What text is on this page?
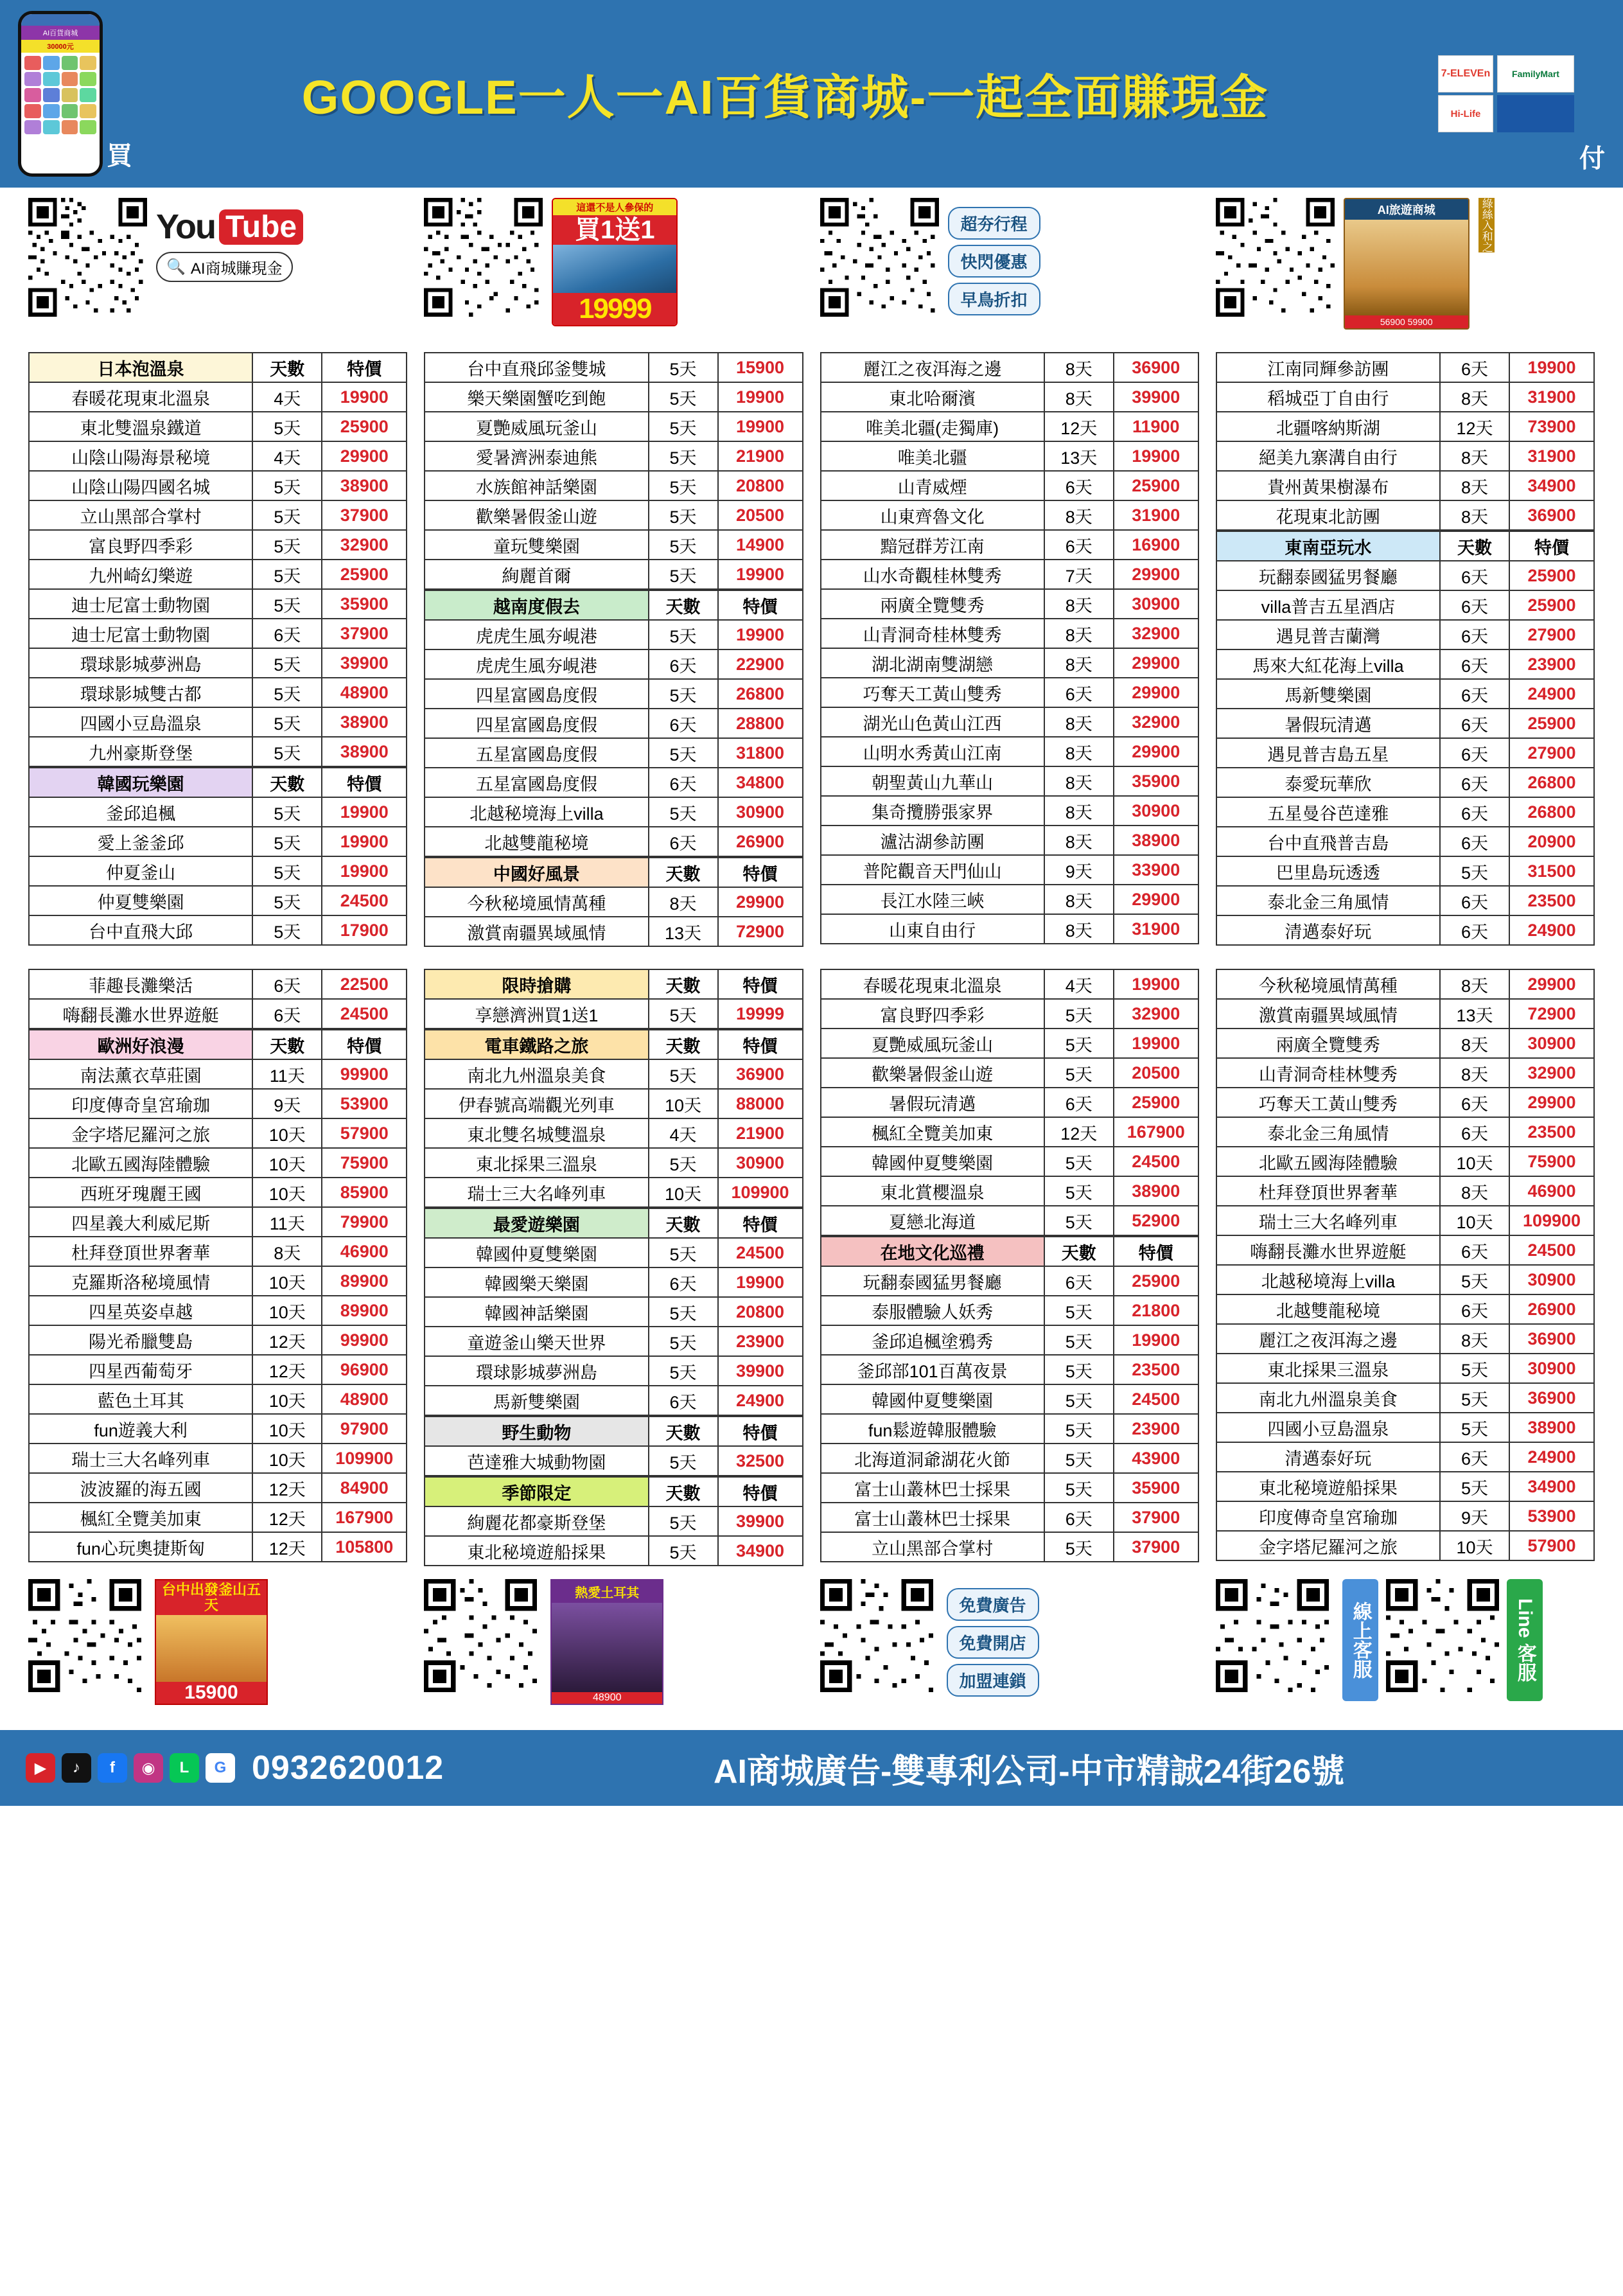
AI百貨商城
30000元
買
GOOGLE一人一AI百貨商城-一起全面賺現金	7-ELEVEn	FamilyMart
Hi-Life
付
You Tube
🔍 AI商城賺現金
這還不是人參保的
買1送1
19999
超夯行程
快閃優惠
早鳥折扣
AI旅遊商城
56900 59900
綠絲入和之
日本泡溫泉	天數	特價
春暖花現東北溫泉	4天	19900
東北雙溫泉鐵道	5天	25900
山陰山陽海景秘境	4天	29900
山陰山陽四國名城	5天	38900
立山黑部合掌村	5天	37900
富良野四季彩	5天	32900
九州崎幻樂遊	5天	25900
迪士尼富士動物園	5天	35900
迪士尼富士動物園	6天	37900
環球影城夢洲島	5天	39900
環球影城雙古都	5天	48900
四國小豆島溫泉	5天	38900
九州豪斯登堡	5天	38900
韓國玩樂園	天數	特價
釜邱追楓	5天	19900
愛上釜釜邱	5天	19900
仲夏釜山	5天	19900
仲夏雙樂園	5天	24500
台中直飛大邱	5天	17900
台中直飛邱釜雙城	5天	15900
樂天樂園蟹吃到飽	5天	19900
夏艷威風玩釜山	5天	19900
愛暑濟洲泰迪熊	5天	21900
水族館神話樂園	5天	20800
歡樂暑假釜山遊	5天	20500
童玩雙樂園	5天	14900
絢麗首爾	5天	19900
越南度假去	天數	特價
虎虎生風夯峴港	5天	19900
虎虎生風夯峴港	6天	22900
四星富國島度假	5天	26800
四星富國島度假	6天	28800
五星富國島度假	5天	31800
五星富國島度假	6天	34800
北越秘境海上villa	5天	30900
北越雙龍秘境	6天	26900
中國好風景	天數	特價
今秋秘境風情萬種	8天	29900
激賞南疆異域風情	13天	72900
麗江之夜洱海之邊	8天	36900
東北哈爾濱	8天	39900
唯美北疆(走獨庫)	12天	11900
唯美北疆	13天	19900
山青威煙	6天	25900
山東齊魯文化	8天	31900
黯冠群芳江南	6天	16900
山水奇觀桂林雙秀	7天	29900
兩廣全覽雙秀	8天	30900
山青洞奇桂林雙秀	8天	32900
湖北湖南雙湖戀	8天	29900
巧奪天工黃山雙秀	6天	29900
湖光山色黃山江西	8天	32900
山明水秀黃山江南	8天	29900
朝聖黃山九華山	8天	35900
集奇攬勝張家界	8天	30900
瀘沽湖參訪團	8天	38900
普陀觀音天門仙山	9天	33900
長江水陸三峽	8天	29900
山東自由行	8天	31900
江南同輝參訪團	6天	19900
稻城亞丁自由行	8天	31900
北疆喀納斯湖	12天	73900
絕美九寨溝自由行	8天	31900
貴州黃果樹瀑布	8天	34900
花現東北訪團	8天	36900
東南亞玩水	天數	特價
玩翻泰國猛男餐廳	6天	25900
villa普吉五星酒店	6天	25900
遇見普吉蘭灣	6天	27900
馬來大紅花海上villa	6天	23900
馬新雙樂園	6天	24900
暑假玩清邁	6天	25900
遇見普吉島五星	6天	27900
泰愛玩華欣	6天	26800
五星曼谷芭達雅	6天	26800
台中直飛普吉島	6天	20900
巴里島玩透透	5天	31500
泰北金三角風情	6天	23500
清邁泰好玩	6天	24900
菲趣長灘樂活	6天	22500
嗨翻長灘水世界遊艇	6天	24500
歐洲好浪漫	天數	特價
南法薰衣草莊園	11天	99900
印度傳奇皇宮瑜珈	9天	53900
金字塔尼羅河之旅	10天	57900
北歐五國海陸體驗	10天	75900
西班牙瑰麗王國	10天	85900
四星義大利威尼斯	11天	79900
杜拜登頂世界奢華	8天	46900
克羅斯洛秘境風情	10天	89900
四星英姿卓越	10天	89900
陽光希臘雙島	12天	99900
四星西葡萄牙	12天	96900
藍色土耳其	10天	48900
fun遊義大利	10天	97900
瑞士三大名峰列車	10天	109900
波波羅的海五國	12天	84900
楓紅全覽美加東	12天	167900
fun心玩奧捷斯匈	12天	105800
限時搶購	天數	特價
享戀濟洲買1送1	5天	19999
電車鐵路之旅	天數	特價
南北九州溫泉美食	5天	36900
伊春號高端觀光列車	10天	88000
東北雙名城雙溫泉	4天	21900
東北採果三溫泉	5天	30900
瑞士三大名峰列車	10天	109900
最愛遊樂園	天數	特價
韓國仲夏雙樂園	5天	24500
韓國樂天樂園	6天	19900
韓國神話樂園	5天	20800
童遊釜山樂天世界	5天	23900
環球影城夢洲島	5天	39900
馬新雙樂園	6天	24900
野生動物	天數	特價
芭達雅大城動物園	5天	32500
季節限定	天數	特價
絢麗花都豪斯登堡	5天	39900
東北秘境遊船採果	5天	34900
春暖花現東北溫泉	4天	19900
富良野四季彩	5天	32900
夏艷威風玩釜山	5天	19900
歡樂暑假釜山遊	5天	20500
暑假玩清邁	6天	25900
楓紅全覽美加東	12天	167900
韓國仲夏雙樂園	5天	24500
東北賞櫻溫泉	5天	38900
夏戀北海道	5天	52900
在地文化巡禮	天數	特價
玩翻泰國猛男餐廳	6天	25900
泰服體驗人妖秀	5天	21800
釜邱追楓塗鴉秀	5天	19900
釜邱部101百萬夜景	5天	23500
韓國仲夏雙樂園	5天	24500
fun鬆遊韓服體驗	5天	23900
北海道洞爺湖花火節	5天	43900
富士山叢林巴士採果	5天	35900
富士山叢林巴士採果	6天	37900
立山黑部合掌村	5天	37900
今秋秘境風情萬種	8天	29900
激賞南疆異域風情	13天	72900
兩廣全覽雙秀	8天	30900
山青洞奇桂林雙秀	8天	32900
巧奪天工黃山雙秀	6天	29900
泰北金三角風情	6天	23500
北歐五國海陸體驗	10天	75900
杜拜登頂世界奢華	8天	46900
瑞士三大名峰列車	10天	109900
嗨翻長灘水世界遊艇	6天	24500
北越秘境海上villa	5天	30900
北越雙龍秘境	6天	26900
麗江之夜洱海之邊	8天	36900
東北採果三溫泉	5天	30900
南北九州溫泉美食	5天	36900
四國小豆島溫泉	5天	38900
清邁泰好玩	6天	24900
東北秘境遊船採果	5天	34900
印度傳奇皇宮瑜珈	9天	53900
金字塔尼羅河之旅	10天	57900
台中出發釜山五天
15900
熱愛土耳其
48900
免費廣告
免費開店
加盟連鎖
線上客服	Line 客服
▶	♪	f	◉	L	G 0932620012	AI商城廣告-雙專利公司-中市精誠24街26號
